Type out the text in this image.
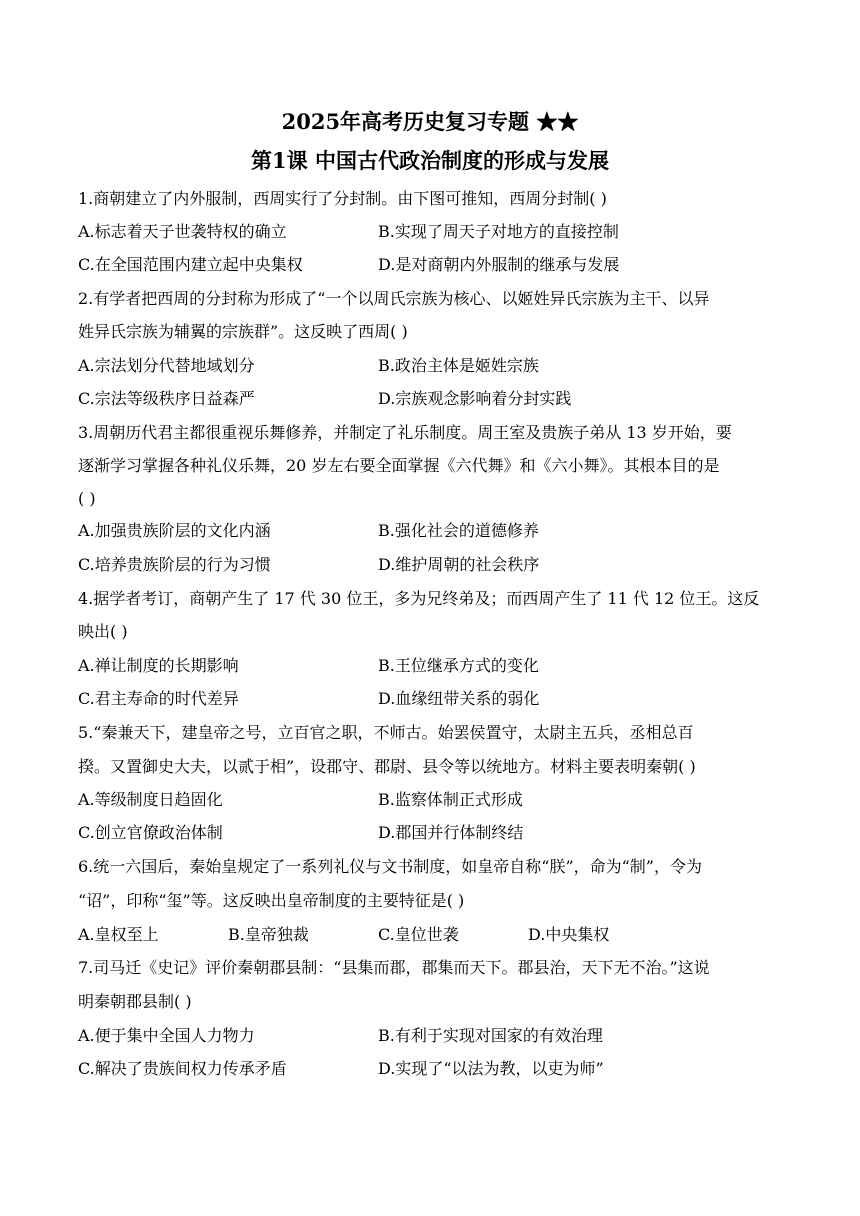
2025年高考历史复习专题 ★★
第1课 中国古代政治制度的形成与发展
1.商朝建立了内外服制，西周实行了分封制。由下图可推知，西周分封制( )
A.标志着天子世袭特权的确立	B.实现了周天子对地方的直接控制
C.在全国范围内建立起中央集权	D.是对商朝内外服制的继承与发展
2.有学者把西周的分封称为形成了“一个以周氏宗族为核心、以姬姓异氏宗族为主干、以异
姓异氏宗族为辅翼的宗族群”。这反映了西周( )
A.宗法划分代替地域划分	B.政治主体是姬姓宗族
C.宗法等级秩序日益森严	D.宗族观念影响着分封实践
3.周朝历代君主都很重视乐舞修养，并制定了礼乐制度。周王室及贵族子弟从 13 岁开始，要
逐渐学习掌握各种礼仪乐舞，20 岁左右要全面掌握《六代舞》和《六小舞》。其根本目的是
( )
A.加强贵族阶层的文化内涵	B.强化社会的道德修养
C.培养贵族阶层的行为习惯	D.维护周朝的社会秩序
4.据学者考订，商朝产生了 17 代 30 位王，多为兄终弟及；而西周产生了 11 代 12 位王。这反
映出( )
A.禅让制度的长期影响	B.王位继承方式的变化
C.君主寿命的时代差异	D.血缘纽带关系的弱化
5.“秦兼天下，建皇帝之号，立百官之职，不师古。始罢侯置守，太尉主五兵，丞相总百
揆。又置御史大夫，以贰于相”，设郡守、郡尉、县令等以统地方。材料主要表明秦朝( )
A.等级制度日趋固化	B.监察体制正式形成
C.创立官僚政治体制	D.郡国并行体制终结
6.统一六国后，秦始皇规定了一系列礼仪与文书制度，如皇帝自称“朕”，命为“制”，令为
“诏”，印称“玺”等。这反映出皇帝制度的主要特征是( )
A.皇权至上	B.皇帝独裁	C.皇位世袭	D.中央集权
7.司马迁《史记》评价秦朝郡县制：“县集而郡，郡集而天下。郡县治，天下无不治。”这说
明秦朝郡县制( )
A.便于集中全国人力物力	B.有利于实现对国家的有效治理
C.解决了贵族间权力传承矛盾	D.实现了“以法为教，以吏为师”
